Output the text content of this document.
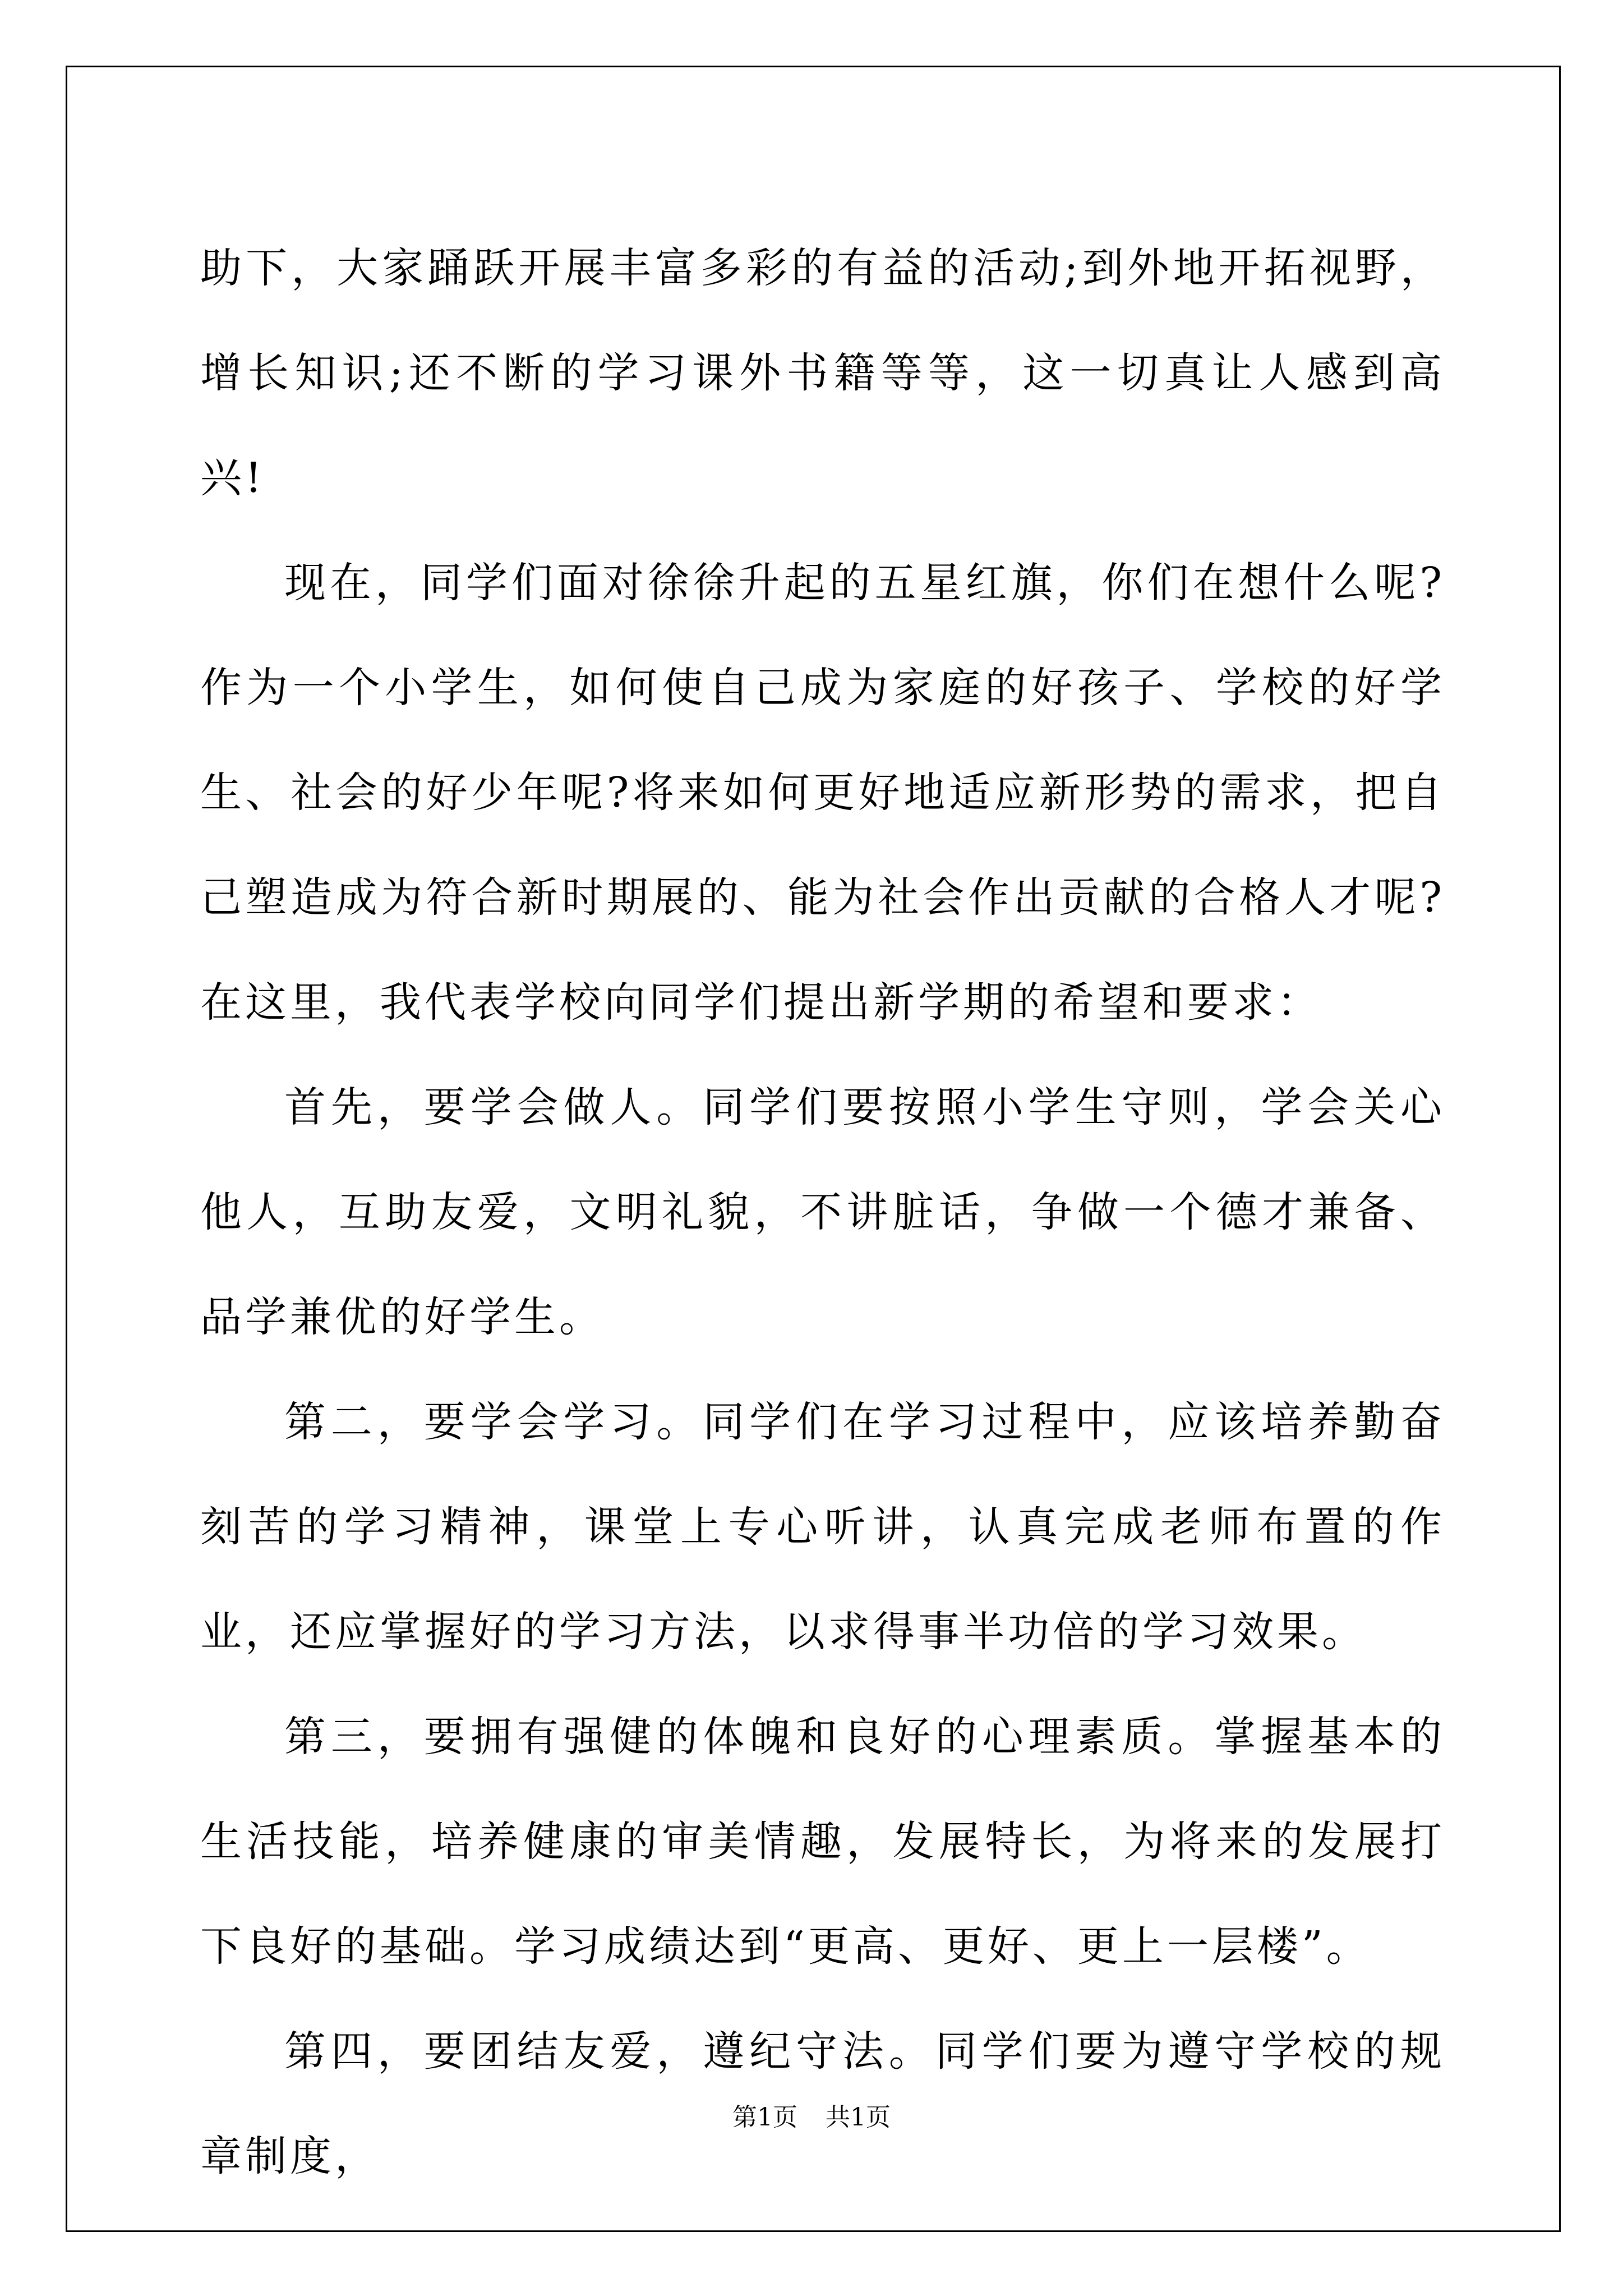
助下，大家踊跃开展丰富多彩的有益的活动;到外地开拓视野，增长知识;还不断的学习课外书籍等等，这一切真让人感到高兴!

现在，同学们面对徐徐升起的五星红旗，你们在想什么呢?作为一个小学生，如何使自己成为家庭的好孩子、学校的好学生、社会的好少年呢?将来如何更好地适应新形势的需求，把自己塑造成为符合新时期展的、能为社会作出贡献的合格人才呢?在这里，我代表学校向同学们提出新学期的希望和要求：

首先，要学会做人。同学们要按照小学生守则，学会关心他人，互助友爱，文明礼貌，不讲脏话，争做一个德才兼备、品学兼优的好学生。

第二，要学会学习。同学们在学习过程中，应该培养勤奋刻苦的学习精神，课堂上专心听讲，认真完成老师布置的作业，还应掌握好的学习方法，以求得事半功倍的学习效果。

第三，要拥有强健的体魄和良好的心理素质。掌握基本的生活技能，培养健康的审美情趣，发展特长，为将来的发展打下良好的基础。学习成绩达到“更高、更好、更上一层楼”。

第四，要团结友爱，遵纪守法。同学们要为遵守学校的规章制度，

第1页 共1页
